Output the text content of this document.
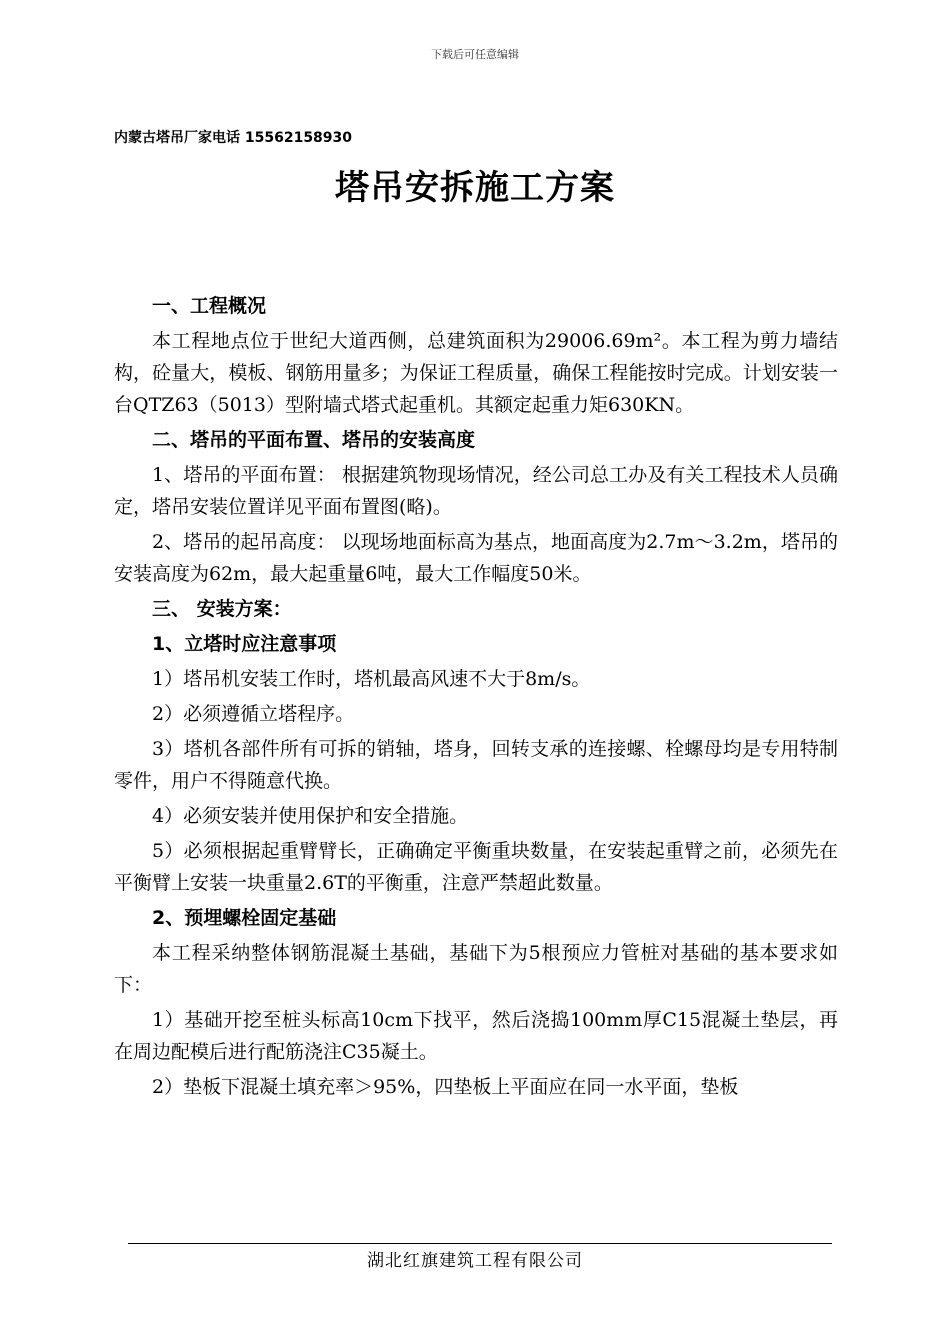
下载后可任意编辑
内蒙古塔吊厂家电话 15562158930
塔吊安拆施工方案

一、工程概况

本工程地点位于世纪大道西侧，总建筑面积为29006.69m²。本工程为剪力墙结构，砼量大，模板、钢筋用量多；为保证工程质量，确保工程能按时完成。计划安装一台QTZ63（5013）型附墙式塔式起重机。其额定起重力矩630KN。

二、塔吊的平面布置、塔吊的安装高度

1、塔吊的平面布置： 根据建筑物现场情况，经公司总工办及有关工程技术人员确定，塔吊安装位置详见平面布置图(略)。

2、塔吊的起吊高度： 以现场地面标高为基点，地面高度为2.7m～3.2m，塔吊的安装高度为62m，最大起重量6吨，最大工作幅度50米。

三、 安装方案：

1、立塔时应注意事项

1）塔吊机安装工作时，塔机最高风速不大于8m/s。

2）必须遵循立塔程序。

3）塔机各部件所有可拆的销轴，塔身，回转支承的连接螺、栓螺母均是专用特制零件，用户不得随意代换。

4）必须安装并使用保护和安全措施。

5）必须根据起重臂臂长，正确确定平衡重块数量，在安装起重臂之前，必须先在平衡臂上安装一块重量2.6T的平衡重，注意严禁超此数量。

2、预埋螺栓固定基础

本工程采纳整体钢筋混凝土基础，基础下为5根预应力管桩对基础的基本要求如下：

1）基础开挖至桩头标高10cm下找平，然后浇捣100mm厚C15混凝土垫层，再在周边配模后进行配筋浇注C35凝土。

2）垫板下混凝土填充率＞95%，四垫板上平面应在同一水平面，垫板

湖北红旗建筑工程有限公司
